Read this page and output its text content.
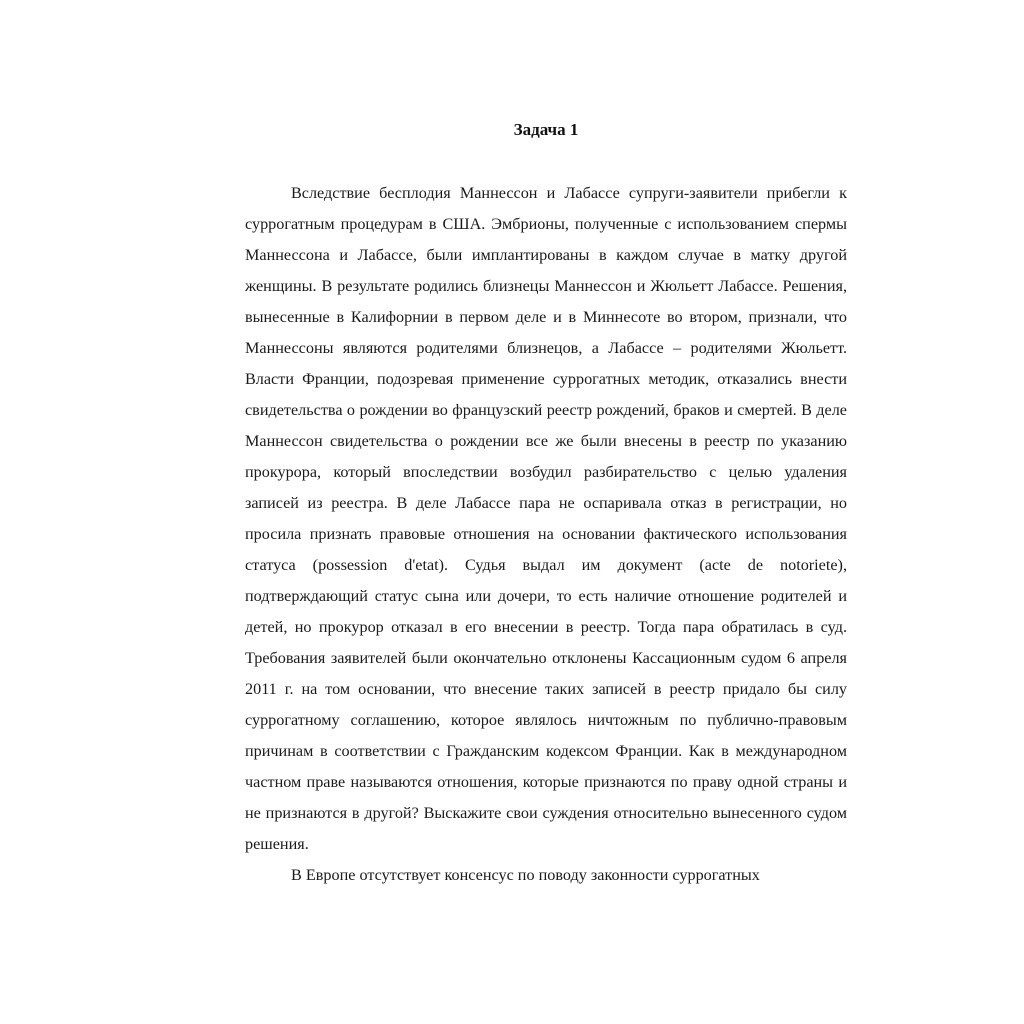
Задача 1

Вследствие бесплодия Маннессон и Лабассе супруги-заявители прибегли к суррогатным процедурам в США. Эмбрионы, полученные с использованием спермы Маннессона и Лабассе, были имплантированы в каждом случае в матку другой женщины. В результате родились близнецы Маннессон и Жюльетт Лабассе. Решения, вынесенные в Калифорнии в первом деле и в Миннесоте во втором, признали, что Маннессоны являются родителями близнецов, а Лабассе – родителями Жюльетт. Власти Франции, подозревая применение суррогатных методик, отказались внести свидетельства о рождении во французский реестр рождений, браков и смертей. В деле Маннессон свидетельства о рождении все же были внесены в реестр по указанию прокурора, который впоследствии возбудил разбирательство с целью удаления записей из реестра. В деле Лабассе пара не оспаривала отказ в регистрации, но просила признать правовые отношения на основании фактического использования статуса (possession d'etat). Судья выдал им документ (acte de notoriete), подтверждающий статус сына или дочери, то есть наличие отношение родителей и детей, но прокурор отказал в его внесении в реестр. Тогда пара обратилась в суд. Требования заявителей были окончательно отклонены Кассационным судом 6 апреля 2011 г. на том основании, что внесение таких записей в реестр придало бы силу суррогатному соглашению, которое являлось ничтожным по публично-правовым причинам в соответствии с Гражданским кодексом Франции. Как в международном частном праве называются отношения, которые признаются по праву одной страны и не признаются в другой? Выскажите свои суждения относительно вынесенного судом решения.

В Европе отсутствует консенсус по поводу законности суррогатных
